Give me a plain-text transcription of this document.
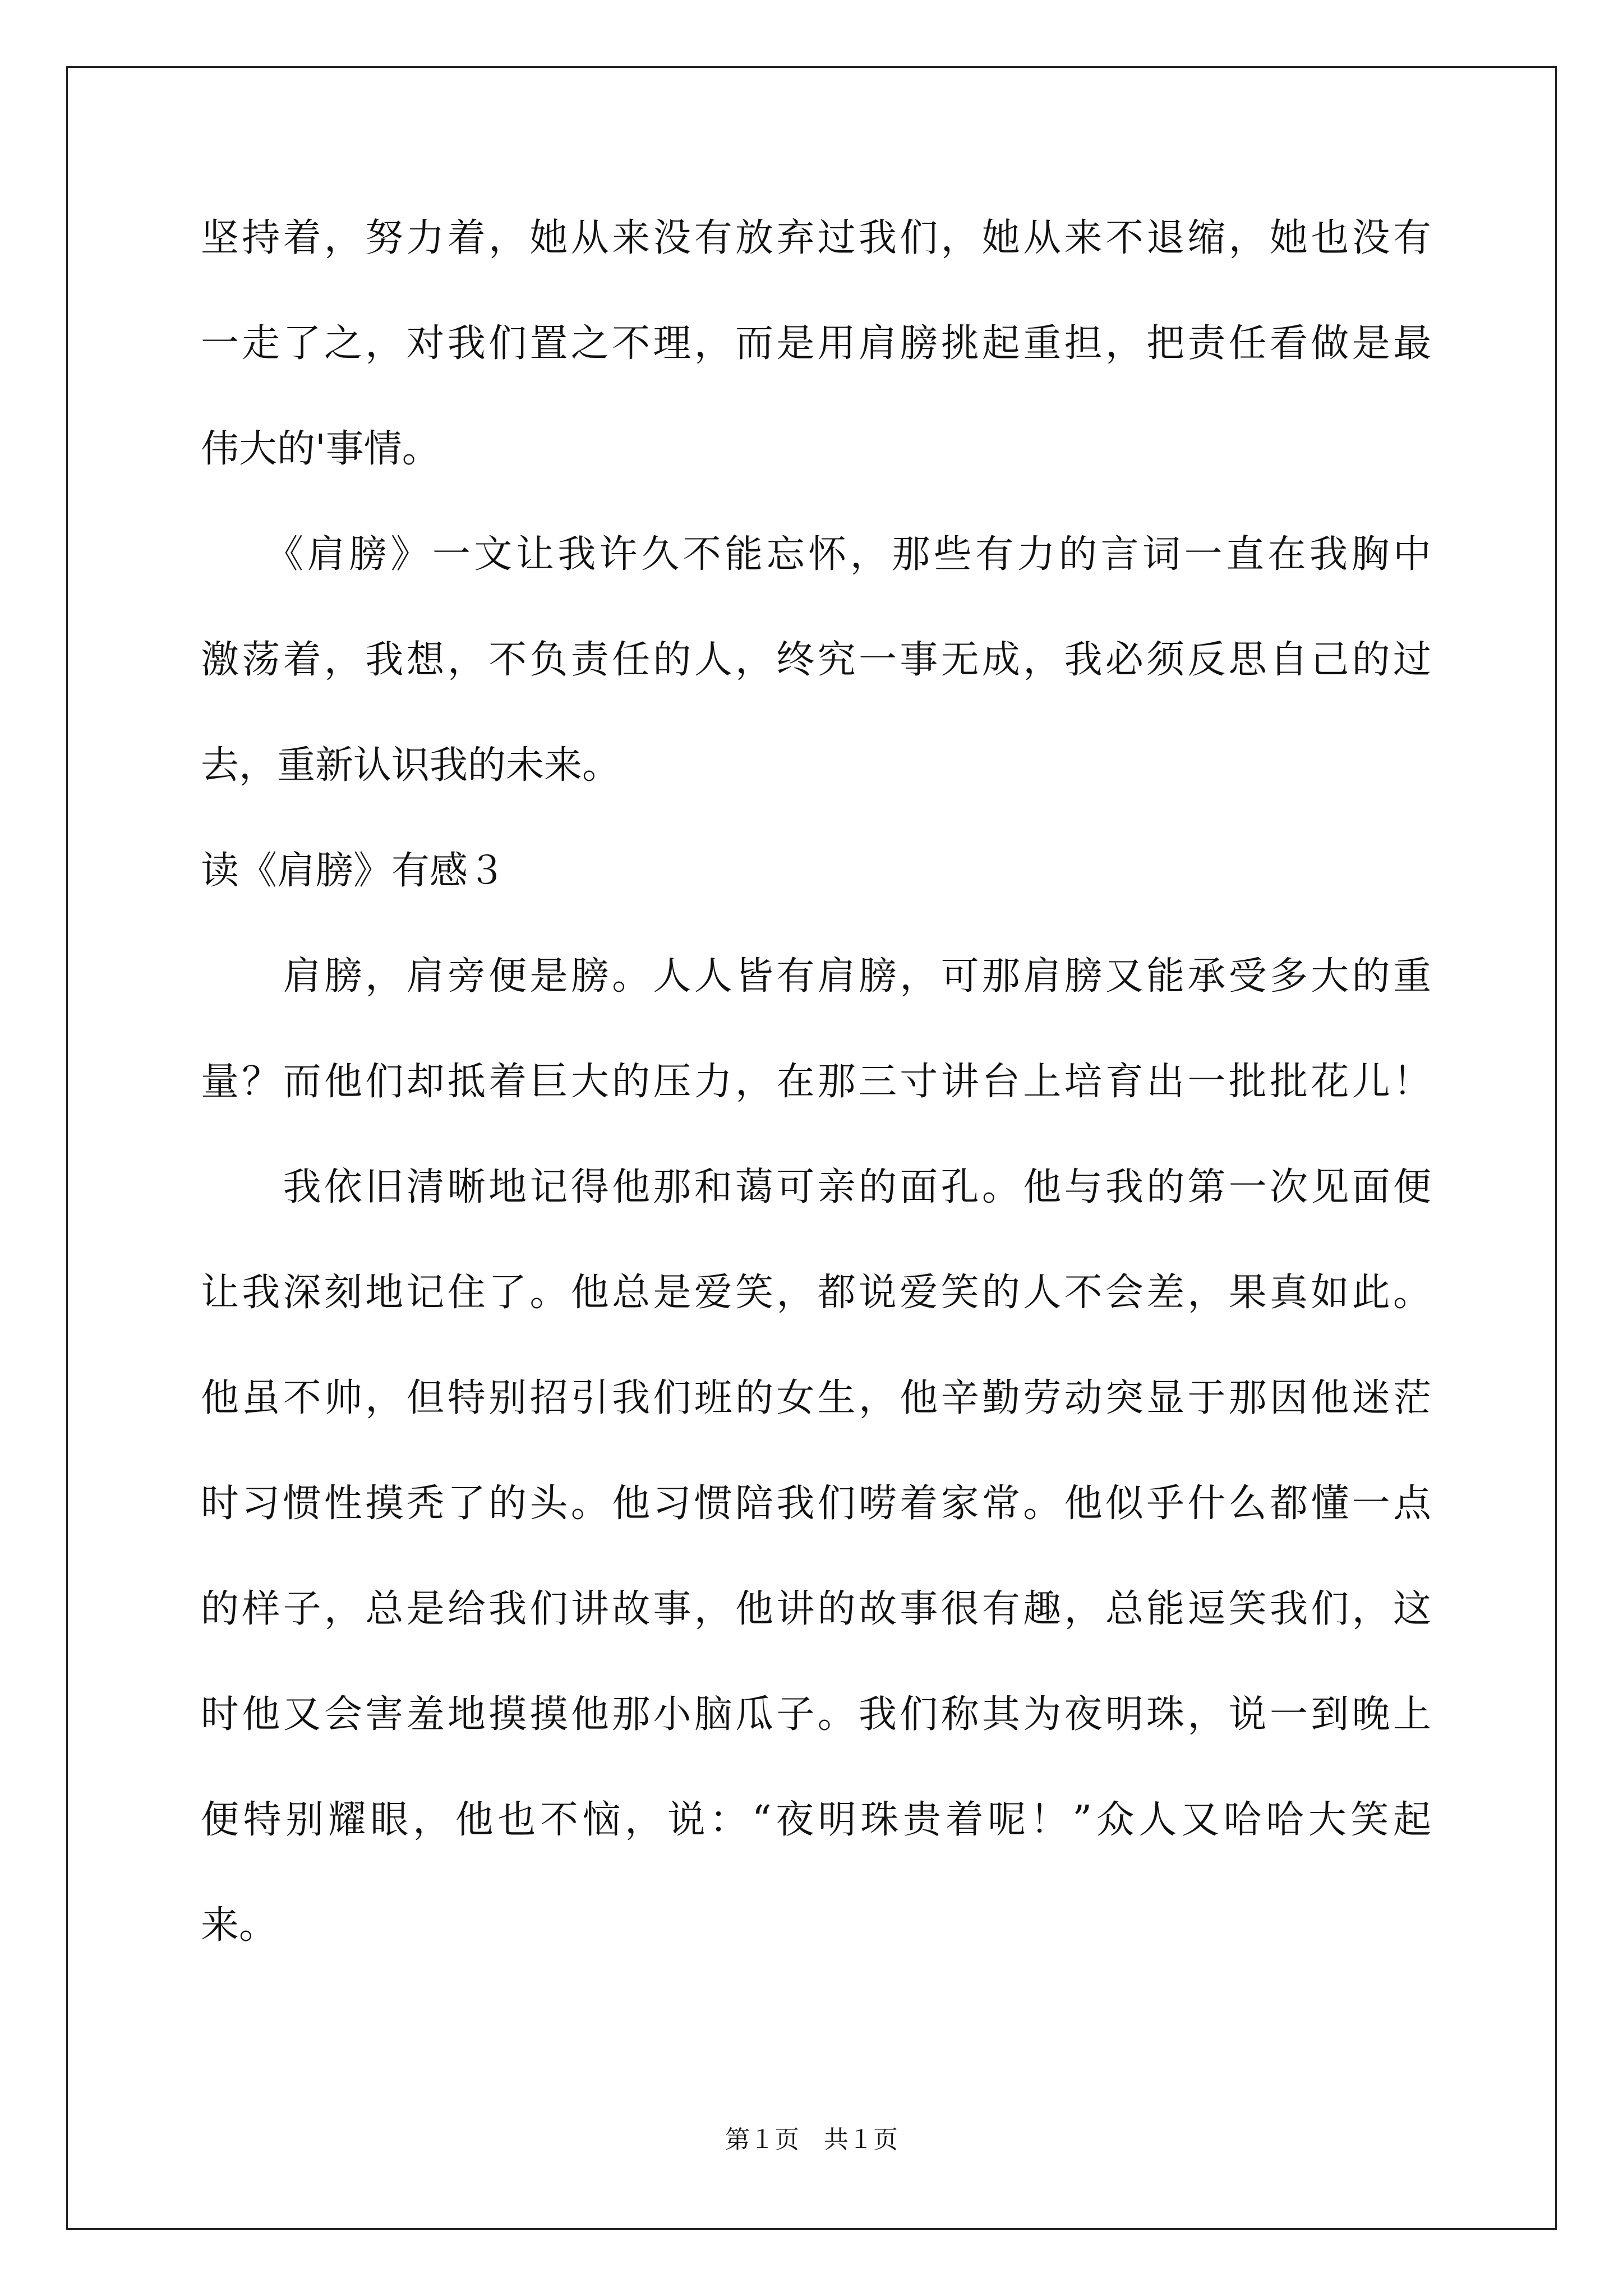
坚持着，努力着，她从来没有放弃过我们，她从来不退缩，她也没有
一走了之，对我们置之不理，而是用肩膀挑起重担，把责任看做是最
伟大的'事情。
　　《肩膀》一文让我许久不能忘怀，那些有力的言词一直在我胸中
激荡着，我想，不负责任的人，终究一事无成，我必须反思自己的过
去，重新认识我的未来。
读《肩膀》有感３
　　肩膀，肩旁便是膀。人人皆有肩膀，可那肩膀又能承受多大的重
量？而他们却抵着巨大的压力，在那三寸讲台上培育出一批批花儿！
　　我依旧清晰地记得他那和蔼可亲的面孔。他与我的第一次见面便
让我深刻地记住了。他总是爱笑，都说爱笑的人不会差，果真如此。
他虽不帅，但特别招引我们班的女生，他辛勤劳动突显于那因他迷茫
时习惯性摸秃了的头。他习惯陪我们唠着家常。他似乎什么都懂一点
的样子，总是给我们讲故事，他讲的故事很有趣，总能逗笑我们，这
时他又会害羞地摸摸他那小脑瓜子。我们称其为夜明珠，说一到晚上
便特别耀眼，他也不恼，说：“夜明珠贵着呢！”众人又哈哈大笑起
来。
第１页　共１页
